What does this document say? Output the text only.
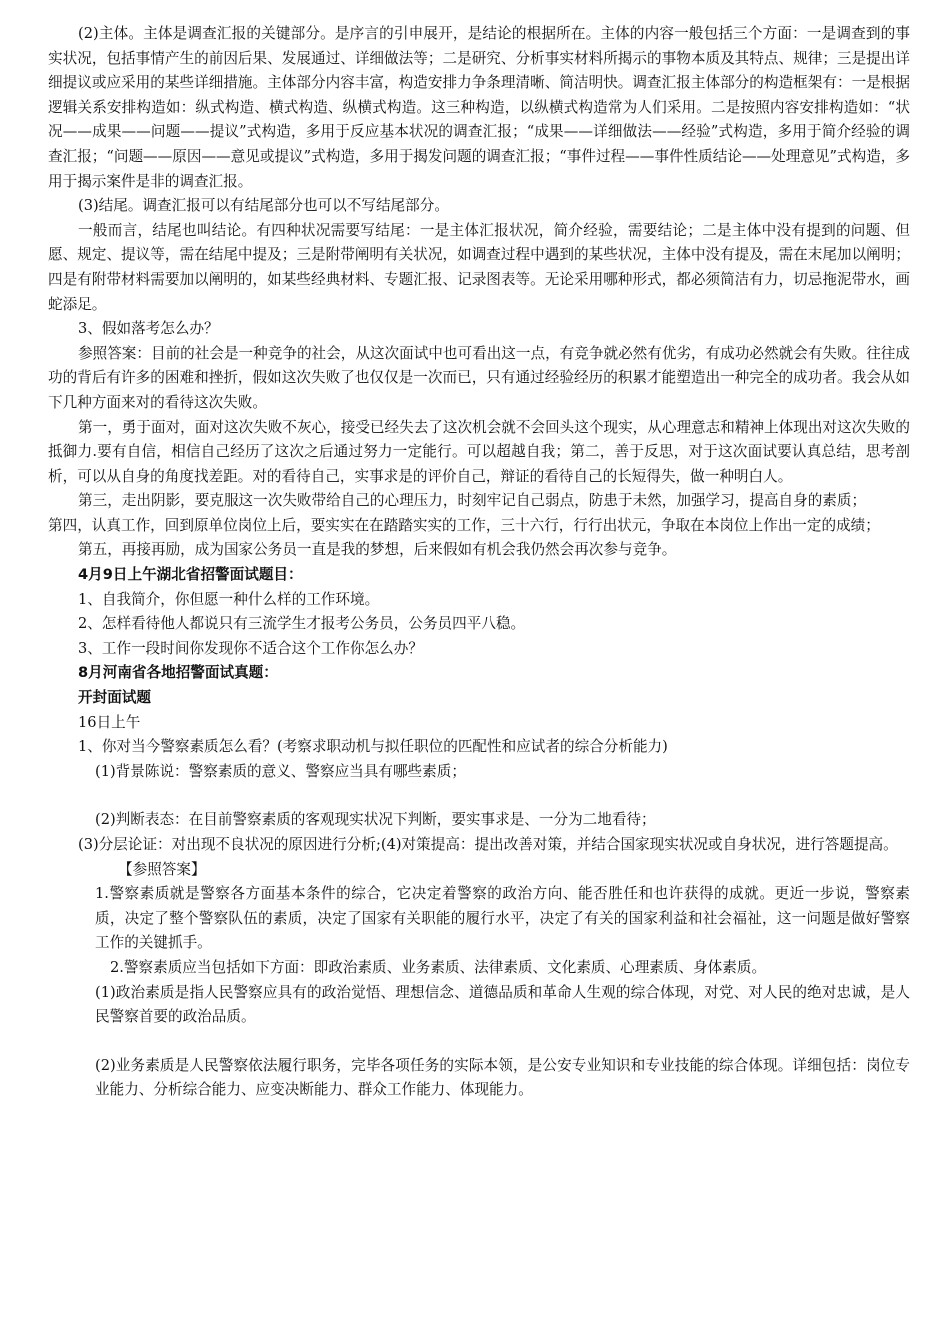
(2)主体。主体是调查汇报的关键部分。是序言的引申展开，是结论的根据所在。主体的内容一般包括三个方面：一是调查到的事实状况，包括事情产生的前因后果、发展通过、详细做法等；二是研究、分析事实材料所揭示的事物本质及其特点、规律；三是提出详细提议或应采用的某些详细措施。主体部分内容丰富，构造安排力争条理清晰、简洁明快。调查汇报主体部分的构造框架有：一是根据逻辑关系安排构造如：纵式构造、横式构造、纵横式构造。这三种构造，以纵横式构造常为人们采用。二是按照内容安排构造如：“状况——成果——问题——提议”式构造，多用于反应基本状况的调查汇报；“成果——详细做法——经验”式构造，多用于简介经验的调查汇报；“问题——原因——意见或提议”式构造，多用于揭发问题的调查汇报；“事件过程——事件性质结论——处理意见”式构造，多用于揭示案件是非的调查汇报。
(3)结尾。调查汇报可以有结尾部分也可以不写结尾部分。
一般而言，结尾也叫结论。有四种状况需要写结尾：一是主体汇报状况，简介经验，需要结论；二是主体中没有提到的问题、但愿、规定、提议等，需在结尾中提及；三是附带阐明有关状况，如调查过程中遇到的某些状况，主体中没有提及，需在末尾加以阐明；四是有附带材料需要加以阐明的，如某些经典材料、专题汇报、记录图表等。无论采用哪种形式，都必须简洁有力，切忌拖泥带水，画蛇添足。
3、假如落考怎么办？
参照答案：目前的社会是一种竞争的社会，从这次面试中也可看出这一点，有竞争就必然有优劣，有成功必然就会有失败。往往成功的背后有许多的困难和挫折，假如这次失败了也仅仅是一次而已，只有通过经验经历的积累才能塑造出一种完全的成功者。我会从如下几种方面来对的看待这次失败。
第一，勇于面对，面对这次失败不灰心，接受已经失去了这次机会就不会回头这个现实，从心理意志和精神上体现出对这次失败的抵御力.要有自信，相信自己经历了这次之后通过努力一定能行。可以超越自我；第二，善于反思，对于这次面试要认真总结，思考剖析，可以从自身的角度找差距。对的看待自己，实事求是的评价自己，辩证的看待自己的长短得失，做一种明白人。
第三，走出阴影，要克服这一次失败带给自己的心理压力，时刻牢记自己弱点，防患于未然，加强学习，提高自身的素质；
第四，认真工作，回到原单位岗位上后，要实实在在踏踏实实的工作，三十六行，行行出状元，争取在本岗位上作出一定的成绩；
第五，再接再励，成为国家公务员一直是我的梦想，后来假如有机会我仍然会再次参与竞争。
4月9日上午湖北省招警面试题目：
1、自我简介，你但愿一种什么样的工作环境。
2、怎样看待他人都说只有三流学生才报考公务员，公务员四平八稳。
3、工作一段时间你发现你不适合这个工作你怎么办？
8月河南省各地招警面试真题：
开封面试题
16日上午
1、你对当今警察素质怎么看？(考察求职动机与拟任职位的匹配性和应试者的综合分析能力)
(1)背景陈说：警察素质的意义、警察应当具有哪些素质；
(2)判断表态：在目前警察素质的客观现实状况下判断，要实事求是、一分为二地看待；
(3)分层论证：对出现不良状况的原因进行分析;(4)对策提高：提出改善对策，并结合国家现实状况或自身状况，进行答题提高。
【参照答案】
1.警察素质就是警察各方面基本条件的综合，它决定着警察的政治方向、能否胜任和也许获得的成就。更近一步说，警察素质，决定了整个警察队伍的素质，决定了国家有关职能的履行水平，决定了有关的国家利益和社会福祉，这一问题是做好警察工作的关键抓手。
2.警察素质应当包括如下方面：即政治素质、业务素质、法律素质、文化素质、心理素质、身体素质。
(1)政治素质是指人民警察应具有的政治觉悟、理想信念、道德品质和革命人生观的综合体现，对党、对人民的绝对忠诚，是人民警察首要的政治品质。
(2)业务素质是人民警察依法履行职务，完毕各项任务的实际本领，是公安专业知识和专业技能的综合体现。详细包括：岗位专业能力、分析综合能力、应变决断能力、群众工作能力、体现能力。
